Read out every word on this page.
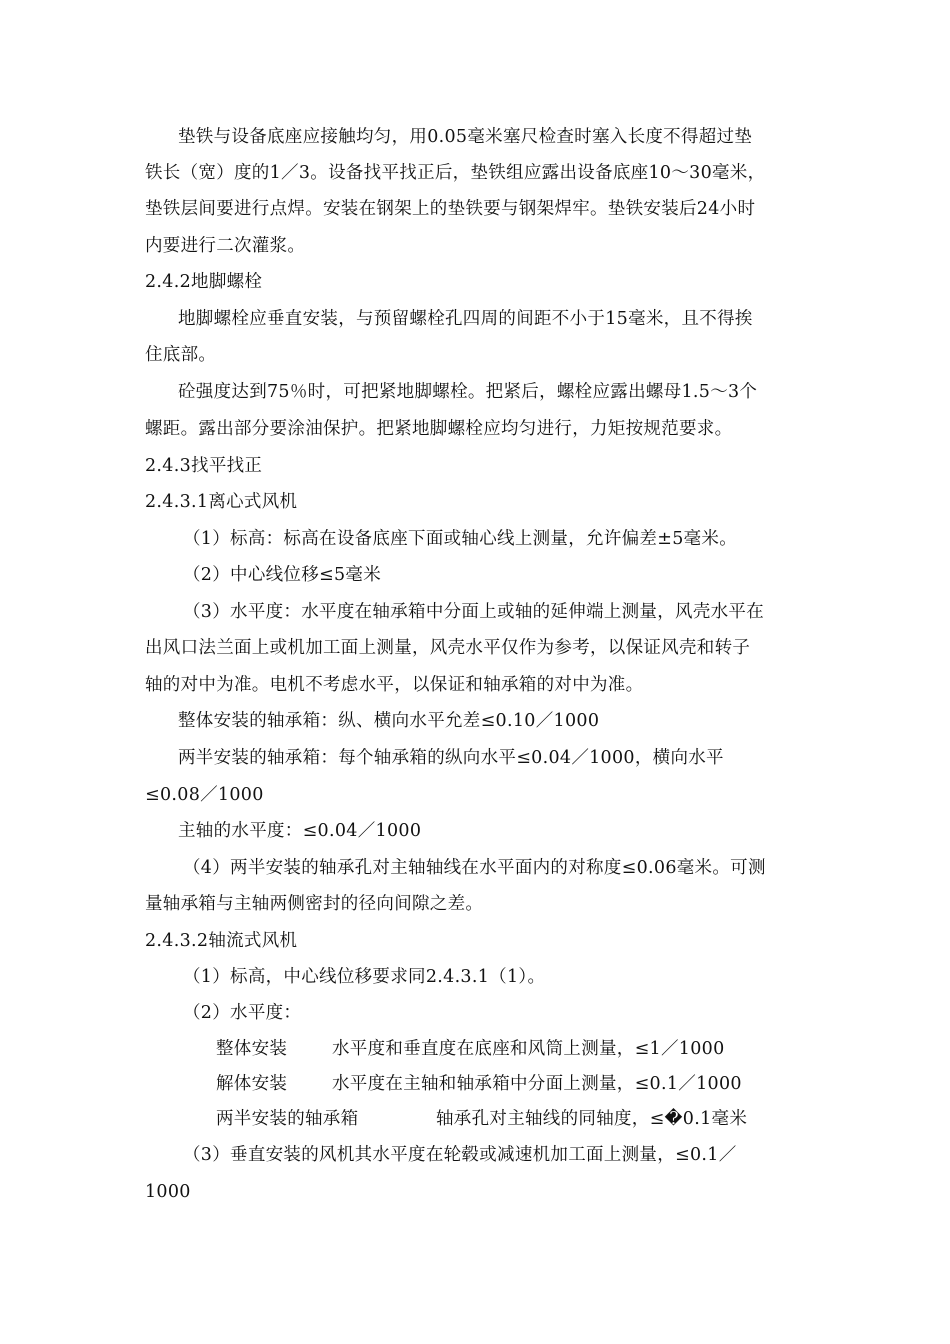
垫铁与设备底座应接触均匀，用0.05毫米塞尺检查时塞入长度不得超过垫
铁长（宽）度的1／3。设备找平找正后，垫铁组应露出设备底座10～30毫米，
垫铁层间要进行点焊。安装在钢架上的垫铁要与钢架焊牢。垫铁安装后24小时
内要进行二次灌浆。
2.4.2地脚螺栓
地脚螺栓应垂直安装，与预留螺栓孔四周的间距不小于15毫米，且不得挨
住底部。
砼强度达到75％时，可把紧地脚螺栓。把紧后，螺栓应露出螺母1.5～3个
螺距。露出部分要涂油保护。把紧地脚螺栓应均匀进行，力矩按规范要求。
2.4.3找平找正
2.4.3.1离心式风机
（1）标高：标高在设备底座下面或轴心线上测量，允许偏差±5毫米。
（2）中心线位移≤5毫米
（3）水平度：水平度在轴承箱中分面上或轴的延伸端上测量，风壳水平在
出风口法兰面上或机加工面上测量，风壳水平仅作为参考，以保证风壳和转子
轴的对中为准。电机不考虑水平，以保证和轴承箱的对中为准。
整体安装的轴承箱：纵、横向水平允差≤0.10／1000
两半安装的轴承箱：每个轴承箱的纵向水平≤0.04／1000，横向水平
≤0.08／1000
主轴的水平度：≤0.04／1000
（4）两半安装的轴承孔对主轴轴线在水平面内的对称度≤0.06毫米。可测
量轴承箱与主轴两侧密封的径向间隙之差。
2.4.3.2轴流式风机
（1）标高，中心线位移要求同2.4.3.1（1）。
（2）水平度：
整体安装	水平度和垂直度在底座和风筒上测量，≤1／1000
解体安装	水平度在主轴和轴承箱中分面上测量，≤0.1／1000
两半安装的轴承箱	轴承孔对主轴线的同轴度，≤�0.1毫米
（3）垂直安装的风机其水平度在轮毂或减速机加工面上测量，≤0.1／
1000
